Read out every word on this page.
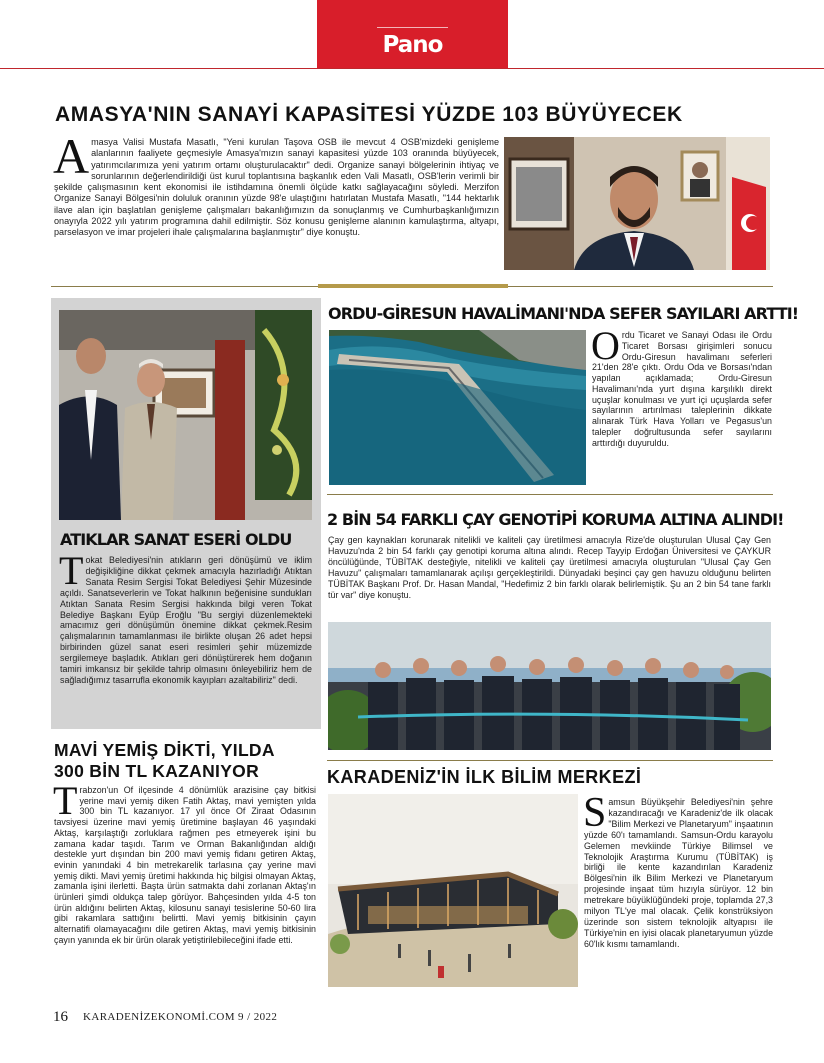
Pano
AMASYA'NIN SANAYİ KAPASİTESİ YÜZDE 103 BÜYÜYECEK
Amasya Valisi Mustafa Masatlı, "Yeni kurulan Taşova OSB ile mevcut 4 OSB'mizdeki genişleme alanlarının faaliyete geçmesiyle Amasya'mızın sanayi kapasitesi yüzde 103 oranında büyüyecek, yatırımcılarımıza yeni yatırım ortamı oluşturulacaktır" dedi. Organize sanayi bölgelerinin ihtiyaç ve sorunlarının değerlendirildiği üst kurul toplantısına başkanlık eden Vali Masatlı, OSB'lerin verimli bir şekilde çalışmasının kent ekonomisi ile istihdamına önemli ölçüde katkı sağlayacağını söyledi. Merzifon Organize Sanayi Bölgesi'nin doluluk oranının yüzde 98'e ulaştığını hatırlatan Mustafa Masatlı, "144 hektarlık ilave alan için başlatılan genişleme çalışmaları bakanlığımızın da sonuçlanmış ve Cumhurbaşkanlığımızın onayıyla 2022 yılı yatırım programına dahil edilmiştir. Söz konusu genişleme alanının kamulaştırma, altyapı, parselasyon ve imar projeleri ihale çalışmalarına başlanmıştır" diye konuştu.
ATIKLAR SANAT ESERİ OLDU
Tokat Belediyesi'nin atıkların geri dönüşümü ve iklim değişikliğine dikkat çekmek amacıyla hazırladığı Atıktan Sanata Resim Sergisi Tokat Belediyesi Şehir Müzesinde açıldı. Sanatseverlerin ve Tokat halkının beğenisine sundukları Atıktan Sanata Resim Sergisi hakkında bilgi veren Tokat Belediye Başkanı Eyüp Eroğlu "Bu sergiyi düzenlemekteki amacımız geri dönüşümün önemine dikkat çekmek.Resim çalışmalarının tamamlanması ile birlikte oluşan 26 adet hepsi birbirinden güzel sanat eseri resimleri şehir müzemizde sergilemeye başladık. Atıkları geri dönüştürerek hem doğanın tamiri imkansız bir şekilde tahrip olmasını önleyebiliriz hem de sağladığımız tasarrufla ekonomik kayıpları azaltabiliriz" dedi.
MAVİ YEMİŞ DİKTİ, YILDA
300 BİN TL KAZANIYOR
Trabzon'un Of ilçesinde 4 dönümlük arazisine çay bitkisi yerine mavi yemiş diken Fatih Aktaş, mavi yemişten yılda 300 bin TL kazanıyor. 17 yıl önce Of Ziraat Odasının tavsiyesi üzerine mavi yemiş üretimine başlayan 46 yaşındaki Aktaş, karşılaştığı zorluklara rağmen pes etmeyerek işini bu zamana kadar taşıdı. Tarım ve Orman Bakanlığından aldığı destekle yurt dışından bin 200 mavi yemiş fidanı getiren Aktaş, evinin yanındaki 4 bin metrekarelik tarlasına çay yerine mavi yemiş dikti. Mavi yemiş üretimi hakkında hiç bilgisi olmayan Aktaş, zamanla işini ilerletti. Başta ürün satmakta dahi zorlanan Aktaş'ın ürünleri şimdi oldukça talep görüyor. Bahçesinden yılda 4-5 ton ürün aldığını belirten Aktaş, kilosunu sanayi tesislerine 50-60 lira gibi rakamlara sattığını belirtti. Mavi yemiş bitkisinin çayın alternatifi olamayacağını dile getiren Aktaş, mavi yemiş bitkisinin çayın yanında ek bir ürün olarak yetiştirilebileceğini ifade etti.
ORDU-GİRESUN HAVALİMANI'NDA SEFER SAYILARI ARTTI!
Ordu Ticaret ve Sanayi Odası ile Ordu Ticaret Borsası girişimleri sonucu Ordu-Giresun havalimanı seferleri 21'den 28'e çıktı. Ordu Oda ve Borsası'ndan yapılan açıklamada; Ordu-Giresun Havalimanı'nda yurt dışına karşılıklı direkt uçuşlar konulması ve yurt içi uçuşlarda sefer sayılarının artırılması taleplerinin dikkate alınarak Türk Hava Yolları ve Pegasus'un talepler doğrultusunda sefer sayılarını arttırdığı duyuruldu.
2 BİN 54 FARKLI ÇAY GENOTİPİ KORUMA ALTINA ALINDI!
Çay gen kaynakları korunarak nitelikli ve kaliteli çay üretilmesi amacıyla Rize'de oluşturulan Ulusal Çay Gen Havuzu'nda 2 bin 54 farklı çay genotipi koruma altına alındı. Recep Tayyip Erdoğan Üniversitesi ve ÇAYKUR öncülüğünde, TÜBİTAK desteğiyle, nitelikli ve kaliteli çay üretilmesi amacıyla oluşturulan "Ulusal Çay Gen Havuzu" çalışmaları tamamlanarak açılışı gerçekleştirildi. Dünyadaki beşinci çay gen havuzu olduğunu belirten TÜBİTAK Başkanı Prof. Dr. Hasan Mandal, "Hedefimiz 2 bin farklı olarak belirlemiştik. Şu an 2 bin 54 tane farklı tür var" diye konuştu.
KARADENİZ'İN İLK BİLİM MERKEZİ
Samsun Büyükşehir Belediyesi'nin şehre kazandıracağı ve Karadeniz'de ilk olacak "Bilim Merkezi ve Planetaryum" inşaatının yüzde 60'ı tamamlandı. Samsun-Ordu karayolu Gelemen mevkiinde Türkiye Bilimsel ve Teknolojik Araştırma Kurumu (TÜBİTAK) iş birliği ile kente kazandırılan Karadeniz Bölgesi'nin ilk Bilim Merkezi ve Planetaryum projesinde inşaat tüm hızıyla sürüyor. 12 bin metrekare büyüklüğündeki proje, toplamda 27,3 milyon TL'ye mal olacak. Çelik konstrüksiyon üzerinde son sistem teknolojik altyapısı ile Türkiye'nin en iyisi olacak planetaryumun yüzde 60'lık kısmı tamamlandı.
16 KARADENİZEKONOMİ.COM 9 / 2022
